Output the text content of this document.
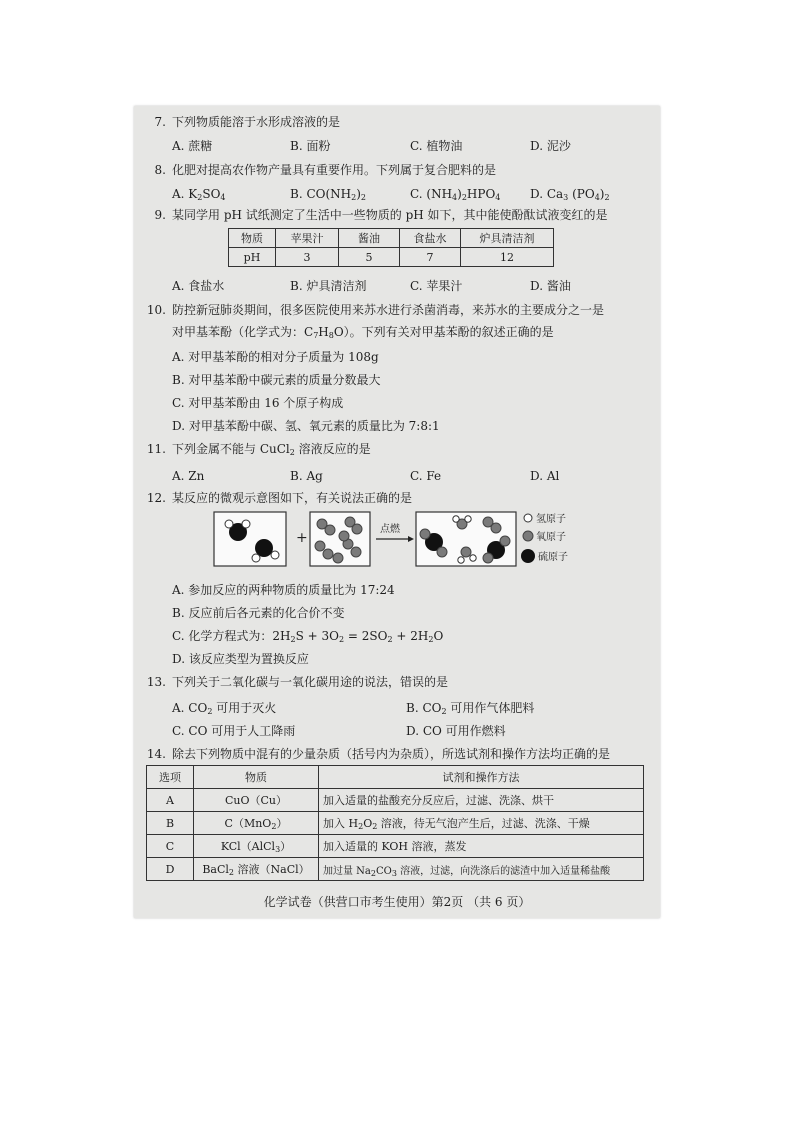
7. 下列物质能溶于水形成溶液的是
A. 蔗糖	B. 面粉	C. 植物油	D. 泥沙
8. 化肥对提高农作物产量具有重要作用。下列属于复合肥料的是
A. $K_2SO_4$	B. $CO(NH_2)_2$	C. $(NH_4)_2HPO_4$ D. $Ca_3$ $(PO_4)_2$
9. 某同学用 pH 试纸测定了生活中一些物质的 pH 如下，其中能使酚酞试液变红的是
物质	苹果汁	酱油	食盐水	炉具清洁剂
pH	3	5	7	12
A. 食盐水	B. 炉具清洁剂	C. 苹果汁	D. 酱油
10. 防控新冠肺炎期间，很多医院使用来苏水进行杀菌消毒，来苏水的主要成分之一是
对甲基苯酚（化学式为：$C_7H_8O$）。下列有关对甲基苯酚的叙述正确的是
A. 对甲基苯酚的相对分子质量为 108g
B. 对甲基苯酚中碳元素的质量分数最大
C. 对甲基苯酚由 16 个原子构成
D. 对甲基苯酚中碳、氢、氧元素的质量比为 7:8:1
11. 下列金属不能与 CuCl$_2$ 溶液反应的是
A. Zn	B. Ag	C. Fe	D. Al
12. 某反应的微观示意图如下，有关说法正确的是
+
点燃
氢原子
氧原子
硫原子
A. 参加反应的两种物质的质量比为 17:24
B. 反应前后各元素的化合价不变
C. 化学方程式为：$2H_2S + 3O_2 = 2SO_2 + 2H_2O$
D. 该反应类型为置换反应
13. 下列关于二氧化碳与一氧化碳用途的说法，错误的是
A. $CO_2$ 可用于灭火	B. $CO_2$ 可用作气体肥料
C. CO 可用于人工降雨	D. CO 可用作燃料
14. 除去下列物质中混有的少量杂质（括号内为杂质），所选试剂和操作方法均正确的是
选项	物质	试剂和操作方法
A	CuO（Cu）	加入适量的盐酸充分反应后，过滤、洗涤、烘干
B	C（MnO$_2$）	加入 $H_2O_2$ 溶液，待无气泡产生后，过滤、洗涤、干燥
C	KCl（AlCl$_3$）	加入适量的 KOH 溶液，蒸发
D	BaCl$_2$ 溶液（NaCl）	加过量 $Na_2CO_3$ 溶液，过滤，向洗涤后的滤渣中加入适量稀盐酸
化学试卷（供营口市考生使用）第2页 （共 6 页）
